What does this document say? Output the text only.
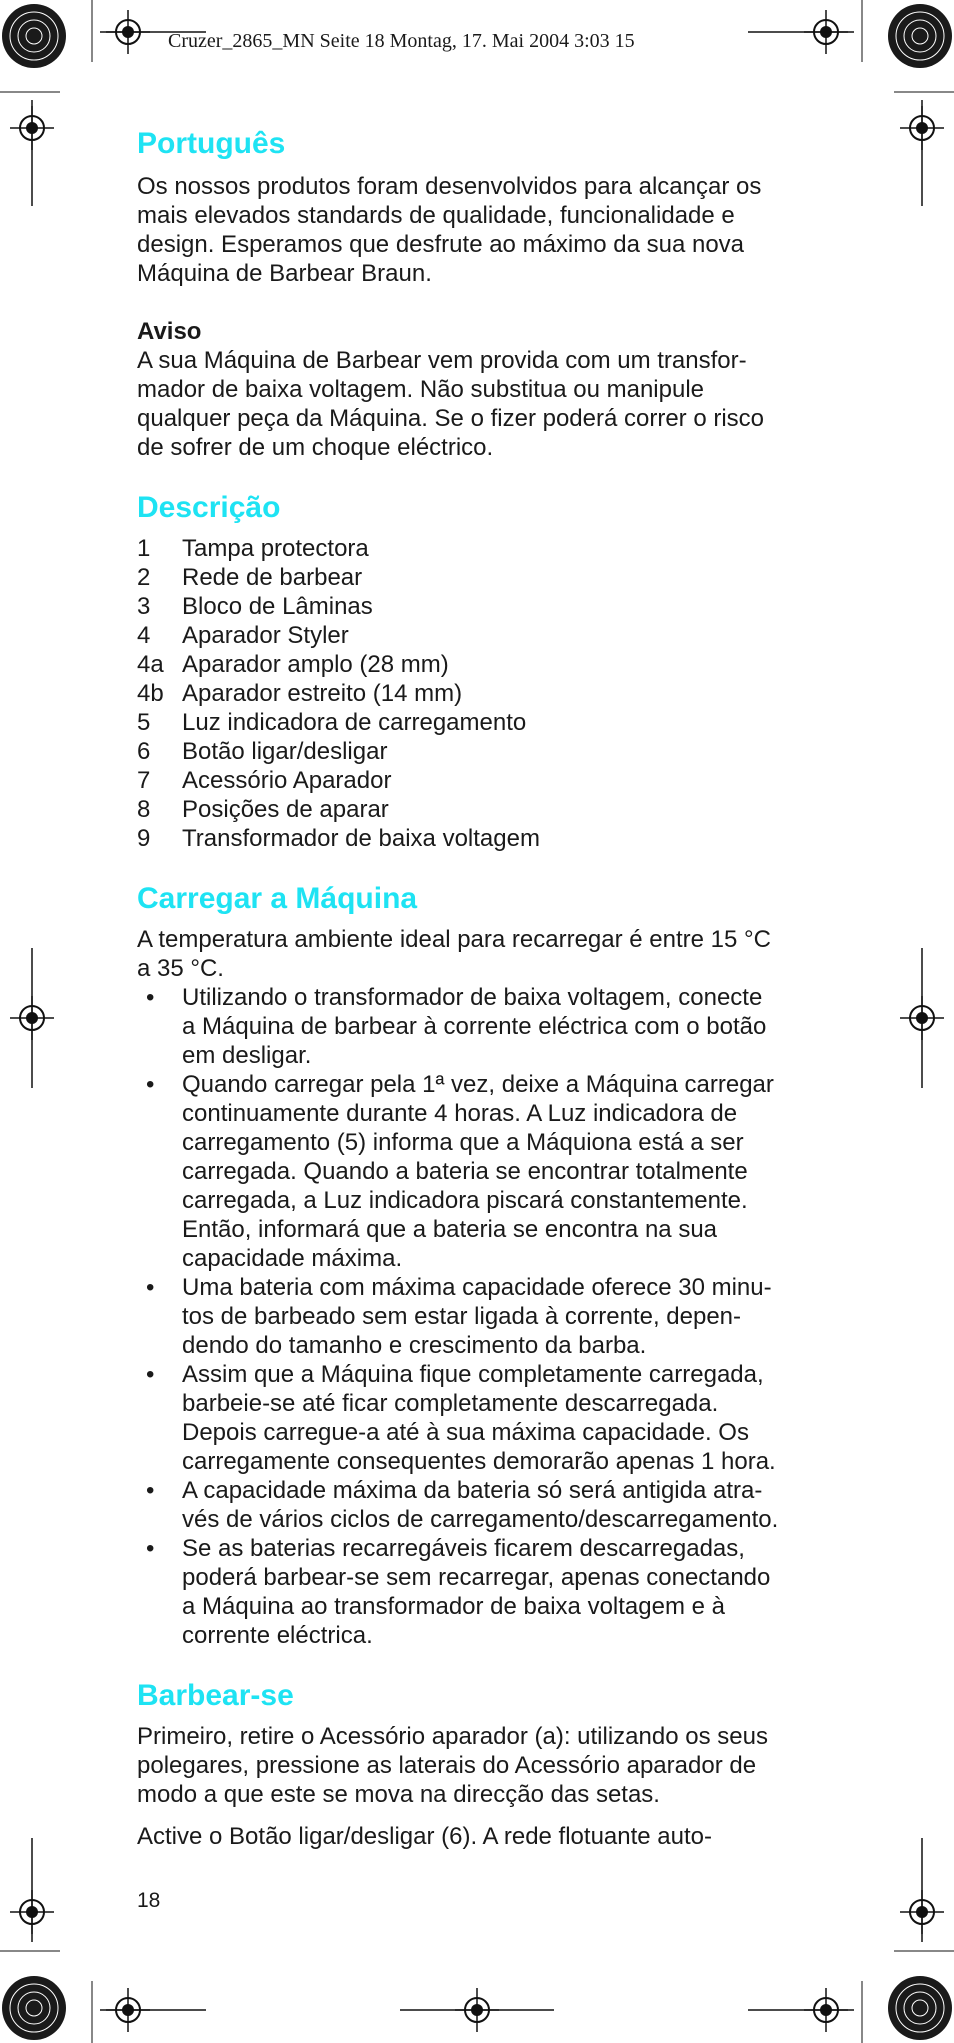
Cruzer_2865_MN Seite 18 Montag, 17. Mai 2004 3:03 15
Português

Os nossos produtos foram desenvolvidos para alcançar os

mais elevados standards de qualidade, funcionalidade e

design. Esperamos que desfrute ao máximo da sua nova

Máquina de Barbear Braun.

Aviso

A sua Máquina de Barbear vem provida com um transfor-

mador de baixa voltagem. Não substitua ou manipule

qualquer peça da Máquina. Se o fizer poderá correr o risco

de sofrer de um choque eléctrico.

Descrição
1	Tampa protectora
2	Rede de barbear
3	Bloco de Lâminas
4	Aparador Styler
4a Aparador amplo (28 mm)
4b Aparador estreito (14 mm)
5	Luz indicadora de carregamento
6	Botão ligar/desligar
7	Acessório Aparador
8	Posições de aparar
9	Transformador de baixa voltagem
Carregar a Máquina

A temperatura ambiente ideal para recarregar é entre 15 °C

a 35 °C.

•	Utilizando o transformador de baixa voltagem, conecte

a Máquina de barbear à corrente eléctrica com o botão

em desligar.

•	Quando carregar pela 1ª vez, deixe a Máquina carregar

continuamente durante 4 horas. A Luz indicadora de

carregamento (5) informa que a Máquiona está a ser

carregada. Quando a bateria se encontrar totalmente

carregada, a Luz indicadora piscará constantemente.

Então, informará que a bateria se encontra na sua

capacidade máxima.

•	Uma bateria com máxima capacidade oferece 30 minu-

tos de barbeado sem estar ligada à corrente, depen-

dendo do tamanho e crescimento da barba.

•	Assim que a Máquina fique completamente carregada,

barbeie-se até ficar completamente descarregada.

Depois carregue-a até à sua máxima capacidade. Os

carregamente consequentes demorarão apenas 1 hora.

•	A capacidade máxima da bateria só será antigida atra-

vés de vários ciclos de carregamento/descarregamento.

•	Se as baterias recarregáveis ficarem descarregadas,

poderá barbear-se sem recarregar, apenas conectando

a Máquina ao transformador de baixa voltagem e à

corrente eléctrica.

Barbear-se

Primeiro, retire o Acessório aparador (a): utilizando os seus

polegares, pressione as laterais do Acessório aparador de

modo a que este se mova na direcção das setas.

Active o Botão ligar/desligar (6). A rede flotuante auto-

18
